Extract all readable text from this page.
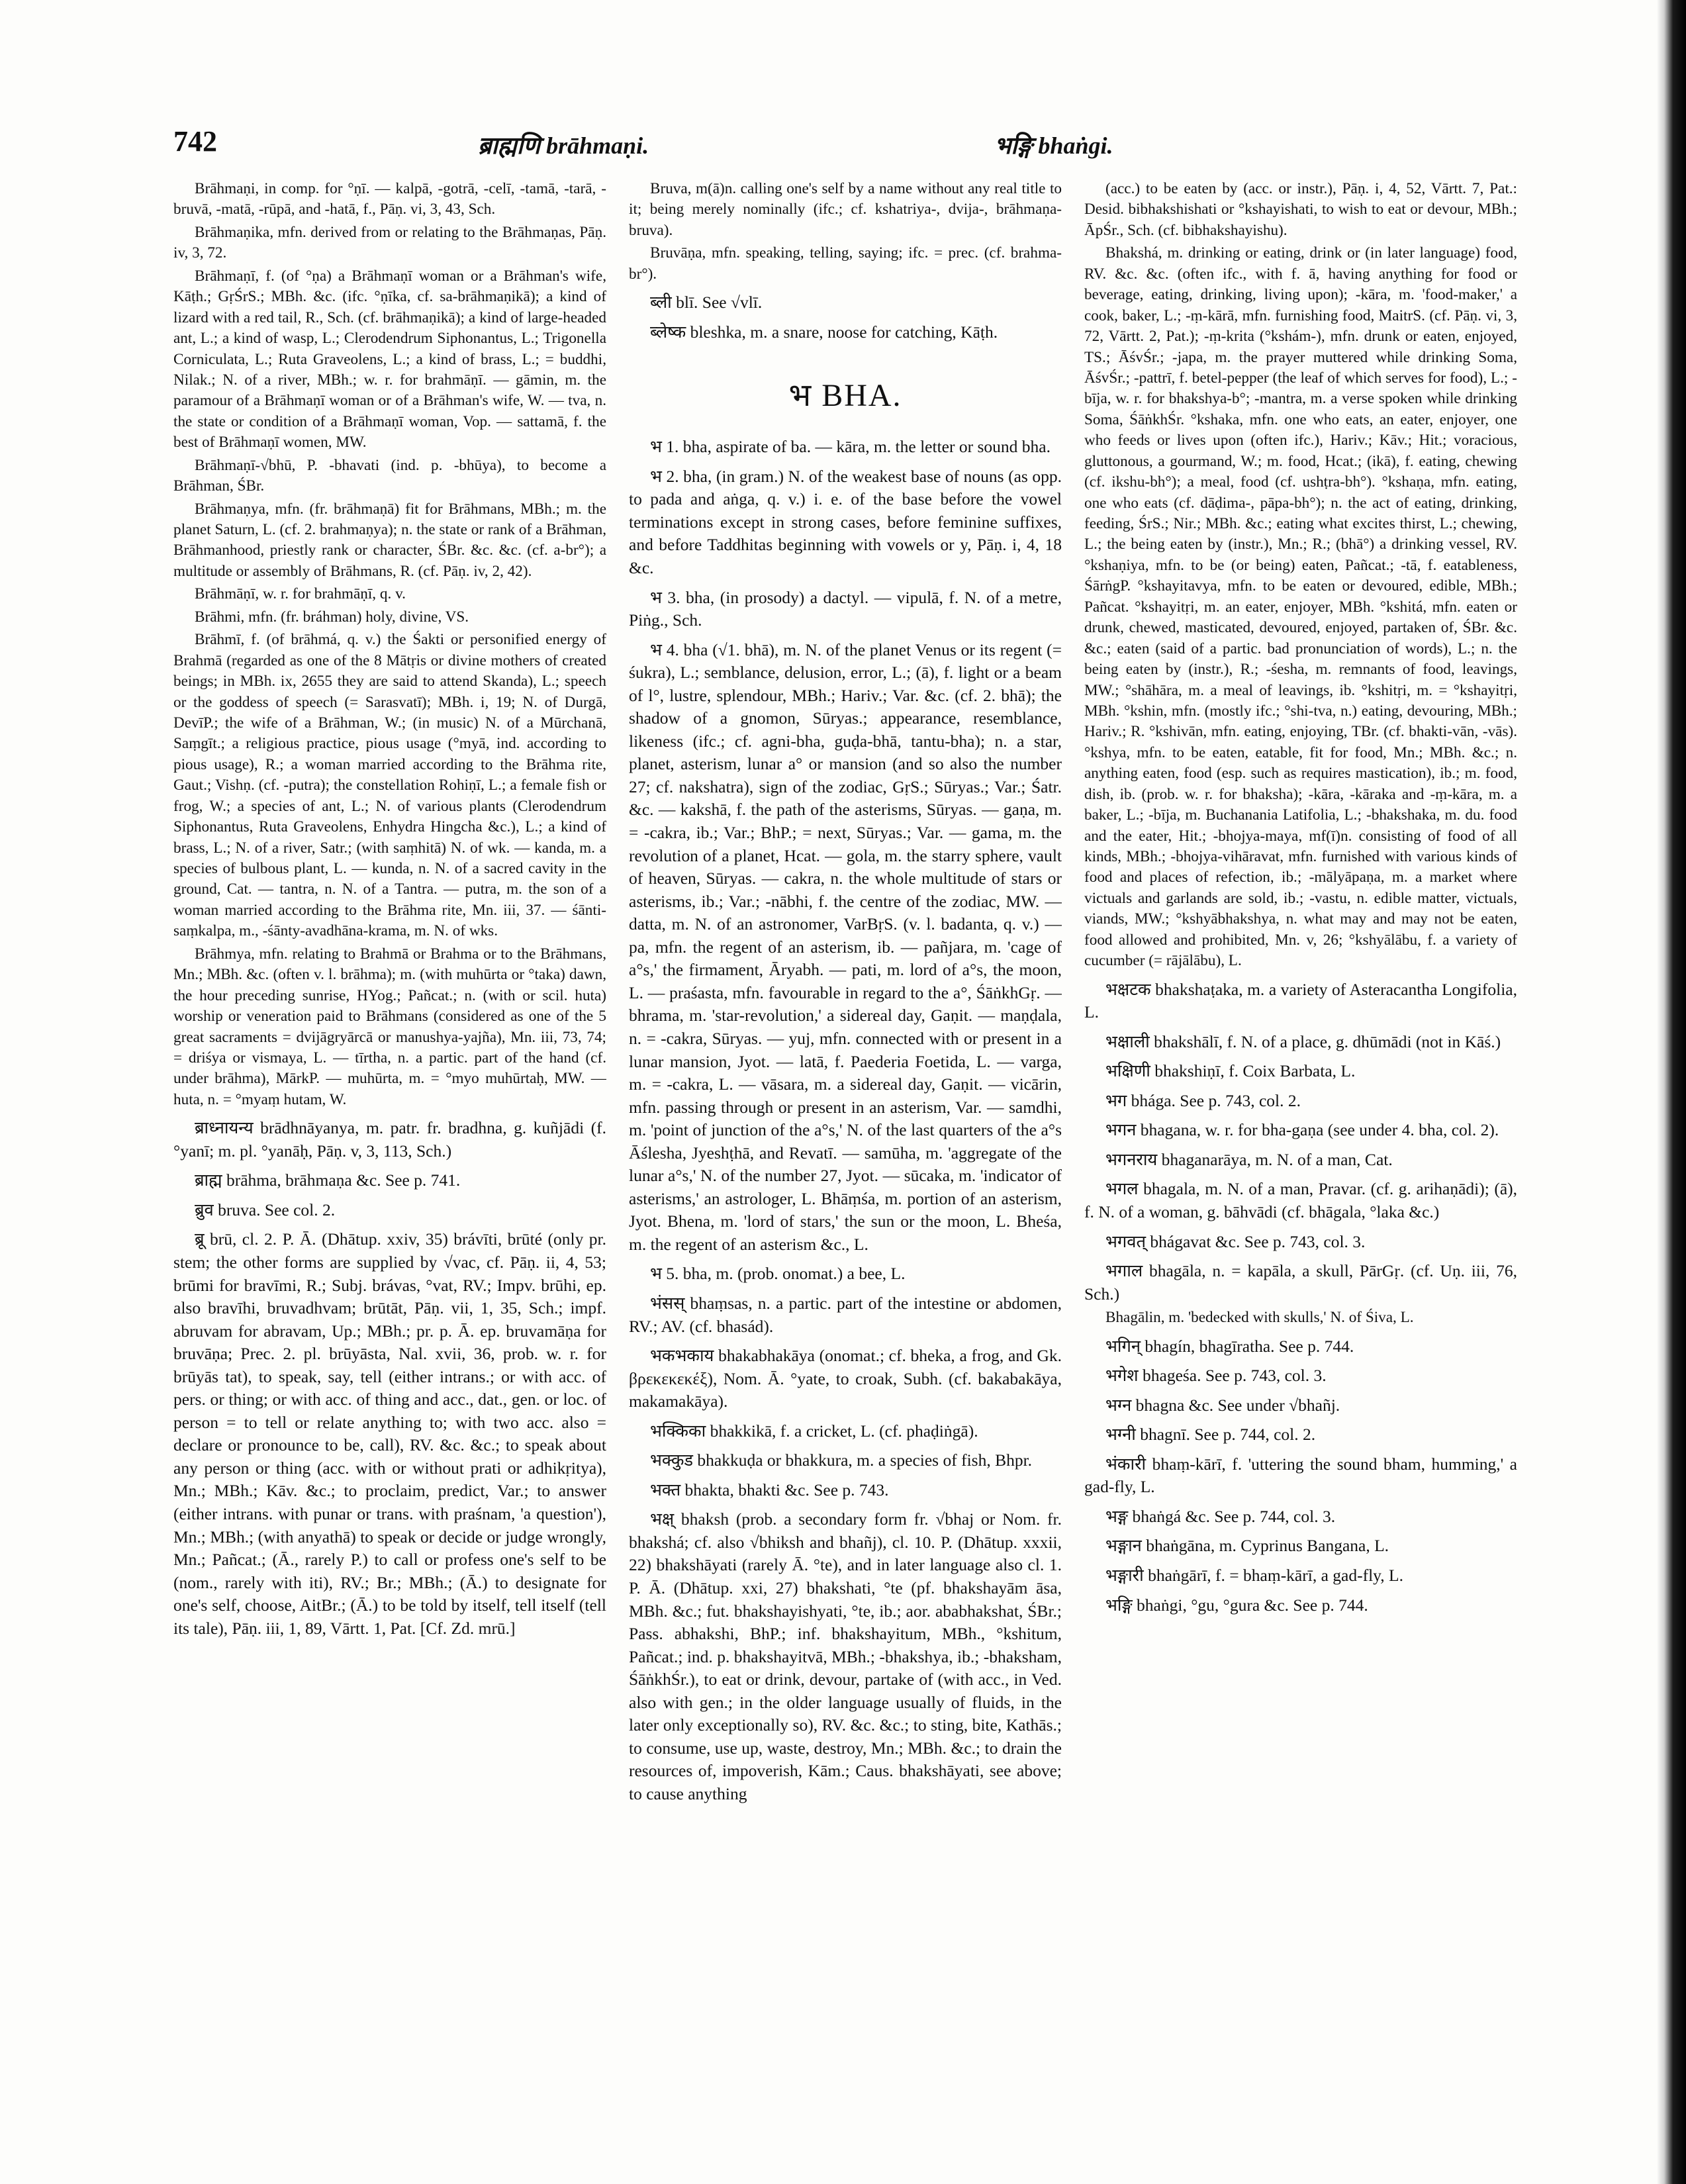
742	ब्राह्मणि brāhmaṇi.	भङ्गि bhaṅgi.
Brāhmaṇi, in comp. for °ṇī. — kalpā, -gotrā, -celī, -tamā, -tarā, -bruvā, -matā, -rūpā, and -hatā, f., Pāṇ. vi, 3, 43, Sch.
Brāhmaṇika, mfn. derived from or relating to the Brāhmaṇas, Pāṇ. iv, 3, 72.
Brāhmaṇī, f. (of °ṇa) a Brāhmaṇī woman or a Brāhman's wife, Kāṭh.; GṛŚrS.; MBh. &c. (ifc. °ṇīka, cf. sa-brāhmaṇikā); a kind of lizard with a red tail, R., Sch. (cf. brāhmaṇikā); a kind of large-headed ant, L.; a kind of wasp, L.; Clerodendrum Siphonantus, L.; Trigonella Corniculata, L.; Ruta Graveolens, L.; a kind of brass, L.; = buddhi, Nilak.; N. of a river, MBh.; w. r. for brahmāṇī. — gāmin, m. the paramour of a Brāhmaṇī woman or of a Brāhman's wife, W. — tva, n. the state or condition of a Brāhmaṇī woman, Vop. — sattamā, f. the best of Brāhmaṇī women, MW.
Brāhmaṇī-√bhū, P. -bhavati (ind. p. -bhūya), to become a Brāhman, ŚBr.
Brāhmaṇya, mfn. (fr. brāhmaṇā) fit for Brāhmans, MBh.; m. the planet Saturn, L. (cf. 2. brahmaṇya); n. the state or rank of a Brāhman, Brāhmanhood, priestly rank or character, ŚBr. &c. &c. (cf. a-br°); a multitude or assembly of Brāhmans, R. (cf. Pāṇ. iv, 2, 42).
Brāhmāṇī, w. r. for brahmāṇī, q. v.
Brāhmi, mfn. (fr. bráhman) holy, divine, VS.
Brāhmī, f. (of brāhmá, q. v.) the Śakti or personified energy of Brahmā (regarded as one of the 8 Mātṛis or divine mothers of created beings; in MBh. ix, 2655 they are said to attend Skanda), L.; speech or the goddess of speech (= Sarasvatī); MBh. i, 19; N. of Durgā, DevīP.; the wife of a Brāhman, W.; (in music) N. of a Mūrchanā, Saṃgīt.; a religious practice, pious usage (°myā, ind. according to pious usage), R.; a woman married according to the Brāhma rite, Gaut.; Vishṇ. (cf. -putra); the constellation Rohiṇī, L.; a female fish or frog, W.; a species of ant, L.; N. of various plants (Clerodendrum Siphonantus, Ruta Graveolens, Enhydra Hingcha &c.), L.; a kind of brass, L.; N. of a river, Satr.; (with saṃhitā) N. of wk. — kanda, m. a species of bulbous plant, L. — kunda, n. N. of a sacred cavity in the ground, Cat. — tantra, n. N. of a Tantra. — putra, m. the son of a woman married according to the Brāhma rite, Mn. iii, 37. — śānti-saṃkalpa, m., -śānty-avadhāna-krama, m. N. of wks.
Brāhmya, mfn. relating to Brahmā or Brahma or to the Brāhmans, Mn.; MBh. &c. (often v. l. brāhma); m. (with muhūrta or °taka) dawn, the hour preceding sunrise, HYog.; Pañcat.; n. (with or scil. huta) worship or veneration paid to Brāhmans (considered as one of the 5 great sacraments = dvijāgryārcā or manushya-yajña), Mn. iii, 73, 74; = driśya or vismaya, L. — tīrtha, n. a partic. part of the hand (cf. under brāhma), MārkP. — muhūrta, m. = °myo muhūrtaḥ, MW. — huta, n. = °myaṃ hutam, W.
ब्राध्नायन्य brādhnāyanya, m. patr. fr. bradhna, g. kuñjādi (f. °yanī; m. pl. °yanāḥ, Pāṇ. v, 3, 113, Sch.)
ब्राह्म brāhma, brāhmaṇa &c. See p. 741.
ब्रुव bruva. See col. 2.
ब्रू brū, cl. 2. P. Ā. (Dhātup. xxiv, 35) brávīti, brūté (only pr. stem; the other forms are supplied by √vac, cf. Pāṇ. ii, 4, 53; brūmi for bravīmi, R.; Subj. brávas, °vat, RV.; Impv. brūhi, ep. also bravīhi, bruvadhvam; brūtāt, Pāṇ. vii, 1, 35, Sch.; impf. abruvam for abravam, Up.; MBh.; pr. p. Ā. ep. bruvamāṇa for bruvāṇa; Prec. 2. pl. brūyāsta, Nal. xvii, 36, prob. w. r. for brūyās tat), to speak, say, tell (either intrans.; or with acc. of pers. or thing; or with acc. of thing and acc., dat., gen. or loc. of person = to tell or relate anything to; with two acc. also = declare or pronounce to be, call), RV. &c. &c.; to speak about any person or thing (acc. with or without prati or adhikṛitya), Mn.; MBh.; Kāv. &c.; to proclaim, predict, Var.; to answer (either intrans. with punar or trans. with praśnam, 'a question'), Mn.; MBh.; (with anyathā) to speak or decide or judge wrongly, Mn.; Pañcat.; (Ā., rarely P.) to call or profess one's self to be (nom., rarely with iti), RV.; Br.; MBh.; (Ā.) to designate for one's self, choose, AitBr.; (Ā.) to be told by itself, tell itself (tell its tale), Pāṇ. iii, 1, 89, Vārtt. 1, Pat. [Cf. Zd. mrū.]
Bruva, m(ā)n. calling one's self by a name without any real title to it; being merely nominally (ifc.; cf. kshatriya-, dvija-, brāhmaṇa-bruva).
Bruvāṇa, mfn. speaking, telling, saying; ifc. = prec. (cf. brahma-br°).
ब्ली blī. See √vlī.
ब्लेष्क bleshka, m. a snare, noose for catching, Kāṭh.
भ BHA.
भ 1. bha, aspirate of ba. — kāra, m. the letter or sound bha.
भ 2. bha, (in gram.) N. of the weakest base of nouns (as opp. to pada and aṅga, q. v.) i. e. of the base before the vowel terminations except in strong cases, before feminine suffixes, and before Taddhitas beginning with vowels or y, Pāṇ. i, 4, 18 &c.
भ 3. bha, (in prosody) a dactyl. — vipulā, f. N. of a metre, Piṅg., Sch.
भ 4. bha (√1. bhā), m. N. of the planet Venus or its regent (= śukra), L.; semblance, delusion, error, L.; (ā), f. light or a beam of l°, lustre, splendour, MBh.; Hariv.; Var. &c. (cf. 2. bhā); the shadow of a gnomon, Sūryas.; appearance, resemblance, likeness (ifc.; cf. agni-bha, guḍa-bhā, tantu-bha); n. a star, planet, asterism, lunar a° or mansion (and so also the number 27; cf. nakshatra), sign of the zodiac, GṛS.; Sūryas.; Var.; Śatr. &c. — kakshā, f. the path of the asterisms, Sūryas. — gaṇa, m. = -cakra, ib.; Var.; BhP.; = next, Sūryas.; Var. — gama, m. the revolution of a planet, Hcat. — gola, m. the starry sphere, vault of heaven, Sūryas. — cakra, n. the whole multitude of stars or asterisms, ib.; Var.; -nābhi, f. the centre of the zodiac, MW. — datta, m. N. of an astronomer, VarBṛS. (v. l. badanta, q. v.) — pa, mfn. the regent of an asterism, ib. — pañjara, m. 'cage of a°s,' the firmament, Āryabh. — pati, m. lord of a°s, the moon, L. — praśasta, mfn. favourable in regard to the a°, ŚāṅkhGṛ. — bhrama, m. 'star-revolution,' a sidereal day, Gaṇit. — maṇḍala, n. = -cakra, Sūryas. — yuj, mfn. connected with or present in a lunar mansion, Jyot. — latā, f. Paederia Foetida, L. — varga, m. = -cakra, L. — vāsara, m. a sidereal day, Gaṇit. — vicārin, mfn. passing through or present in an asterism, Var. — samdhi, m. 'point of junction of the a°s,' N. of the last quarters of the a°s Āślesha, Jyeshṭhā, and Revatī. — samūha, m. 'aggregate of the lunar a°s,' N. of the number 27, Jyot. — sūcaka, m. 'indicator of asterisms,' an astrologer, L. Bhāṃśa, m. portion of an asterism, Jyot. Bhena, m. 'lord of stars,' the sun or the moon, L. Bheśa, m. the regent of an asterism &c., L.
भ 5. bha, m. (prob. onomat.) a bee, L.
भंसस् bhaṃsas, n. a partic. part of the intestine or abdomen, RV.; AV. (cf. bhasád).
भकभकाय bhakabhakāya (onomat.; cf. bheka, a frog, and Gk. βρεκεκεκέξ), Nom. Ā. °yate, to croak, Subh. (cf. bakabakāya, makamakāya).
भक्किका bhakkikā, f. a cricket, L. (cf. phaḍiṅgā).
भक्कुड bhakkuḍa or bhakkura, m. a species of fish, Bhpr.
भक्त bhakta, bhakti &c. See p. 743.
भक्ष् bhaksh (prob. a secondary form fr. √bhaj or Nom. fr. bhakshá; cf. also √bhiksh and bhañj), cl. 10. P. (Dhātup. xxxii, 22) bhakshāyati (rarely Ā. °te), and in later language also cl. 1. P. Ā. (Dhātup. xxi, 27) bhakshati, °te (pf. bhakshayām āsa, MBh. &c.; fut. bhakshayishyati, °te, ib.; aor. ababhakshat, ŚBr.; Pass. abhakshi, BhP.; inf. bhakshayitum, MBh., °kshitum, Pañcat.; ind. p. bhakshayitvā, MBh.; -bhakshya, ib.; -bhaksham, ŚāṅkhŚr.), to eat or drink, devour, partake of (with acc., in Ved. also with gen.; in the older language usually of fluids, in the later only exceptionally so), RV. &c. &c.; to sting, bite, Kathās.; to consume, use up, waste, destroy, Mn.; MBh. &c.; to drain the resources of, impoverish, Kām.; Caus. bhakshāyati, see above; to cause anything
(acc.) to be eaten by (acc. or instr.), Pāṇ. i, 4, 52, Vārtt. 7, Pat.: Desid. bibhakshishati or °kshayishati, to wish to eat or devour, MBh.; ĀpŚr., Sch. (cf. bibhakshayishu).
Bhakshá, m. drinking or eating, drink or (in later language) food, RV. &c. &c. (often ifc., with f. ā, having anything for food or beverage, eating, drinking, living upon); -kāra, m. 'food-maker,' a cook, baker, L.; -ṃ-kārā, mfn. furnishing food, MaitrS. (cf. Pāṇ. vi, 3, 72, Vārtt. 2, Pat.); -ṃ-krita (°kshám-), mfn. drunk or eaten, enjoyed, TS.; ĀśvŚr.; -japa, m. the prayer muttered while drinking Soma, ĀśvŚr.; -pattrī, f. betel-pepper (the leaf of which serves for food), L.; -bīja, w. r. for bhakshya-b°; -mantra, m. a verse spoken while drinking Soma, ŚāṅkhŚr. °kshaka, mfn. one who eats, an eater, enjoyer, one who feeds or lives upon (often ifc.), Hariv.; Kāv.; Hit.; voracious, gluttonous, a gourmand, W.; m. food, Hcat.; (ikā), f. eating, chewing (cf. ikshu-bh°); a meal, food (cf. ushṭra-bh°). °kshaṇa, mfn. eating, one who eats (cf. dāḍima-, pāpa-bh°); n. the act of eating, drinking, feeding, ŚrS.; Nir.; MBh. &c.; eating what excites thirst, L.; chewing, L.; the being eaten by (instr.), Mn.; R.; (bhā°) a drinking vessel, RV. °kshaṇiya, mfn. to be (or being) eaten, Pañcat.; -tā, f. eatableness, ŚārṅgP. °kshayitavya, mfn. to be eaten or devoured, edible, MBh.; Pañcat. °kshayitṛi, m. an eater, enjoyer, MBh. °kshitá, mfn. eaten or drunk, chewed, masticated, devoured, enjoyed, partaken of, ŚBr. &c. &c.; eaten (said of a partic. bad pronunciation of words), L.; n. the being eaten by (instr.), R.; -śesha, m. remnants of food, leavings, MW.; °shāhāra, m. a meal of leavings, ib. °kshitṛi, m. = °kshayitṛi, MBh. °kshin, mfn. (mostly ifc.; °shi-tva, n.) eating, devouring, MBh.; Hariv.; R. °kshivān, mfn. eating, enjoying, TBr. (cf. bhakti-vān, -vās). °kshya, mfn. to be eaten, eatable, fit for food, Mn.; MBh. &c.; n. anything eaten, food (esp. such as requires mastication), ib.; m. food, dish, ib. (prob. w. r. for bhaksha); -kāra, -kāraka and -ṃ-kāra, m. a baker, L.; -bīja, m. Buchanania Latifolia, L.; -bhakshaka, m. du. food and the eater, Hit.; -bhojya-maya, mf(ī)n. consisting of food of all kinds, MBh.; -bhojya-vihāravat, mfn. furnished with various kinds of food and places of refection, ib.; -mālyāpaṇa, m. a market where victuals and garlands are sold, ib.; -vastu, n. edible matter, victuals, viands, MW.; °kshyābhakshya, n. what may and may not be eaten, food allowed and prohibited, Mn. v, 26; °kshyālābu, f. a variety of cucumber (= rājālābu), L.
भक्षटक bhakshaṭaka, m. a variety of Asteracantha Longifolia, L.
भक्षाली bhakshālī, f. N. of a place, g. dhūmādi (not in Kāś.)
भक्षिणी bhakshiṇī, f. Coix Barbata, L.
भग bhága. See p. 743, col. 2.
भगन bhagana, w. r. for bha-gaṇa (see under 4. bha, col. 2).
भगनराय bhaganarāya, m. N. of a man, Cat.
भगल bhagala, m. N. of a man, Pravar. (cf. g. arihaṇādi); (ā), f. N. of a woman, g. bāhvādi (cf. bhāgala, °laka &c.)
भगवत् bhágavat &c. See p. 743, col. 3.
भगाल bhagāla, n. = kapāla, a skull, PārGṛ. (cf. Uṇ. iii, 76, Sch.)
Bhagālin, m. 'bedecked with skulls,' N. of Śiva, L.
भगिन् bhagín, bhagīratha. See p. 744.
भगेश bhageśa. See p. 743, col. 3.
भग्न bhagna &c. See under √bhañj.
भग्नी bhagnī. See p. 744, col. 2.
भंकारी bhaṃ-kārī, f. 'uttering the sound bham, humming,' a gad-fly, L.
भङ्ग bhaṅgá &c. See p. 744, col. 3.
भङ्गान bhaṅgāna, m. Cyprinus Bangana, L.
भङ्गारी bhaṅgārī, f. = bhaṃ-kārī, a gad-fly, L.
भङ्गि bhaṅgi, °gu, °gura &c. See p. 744.
